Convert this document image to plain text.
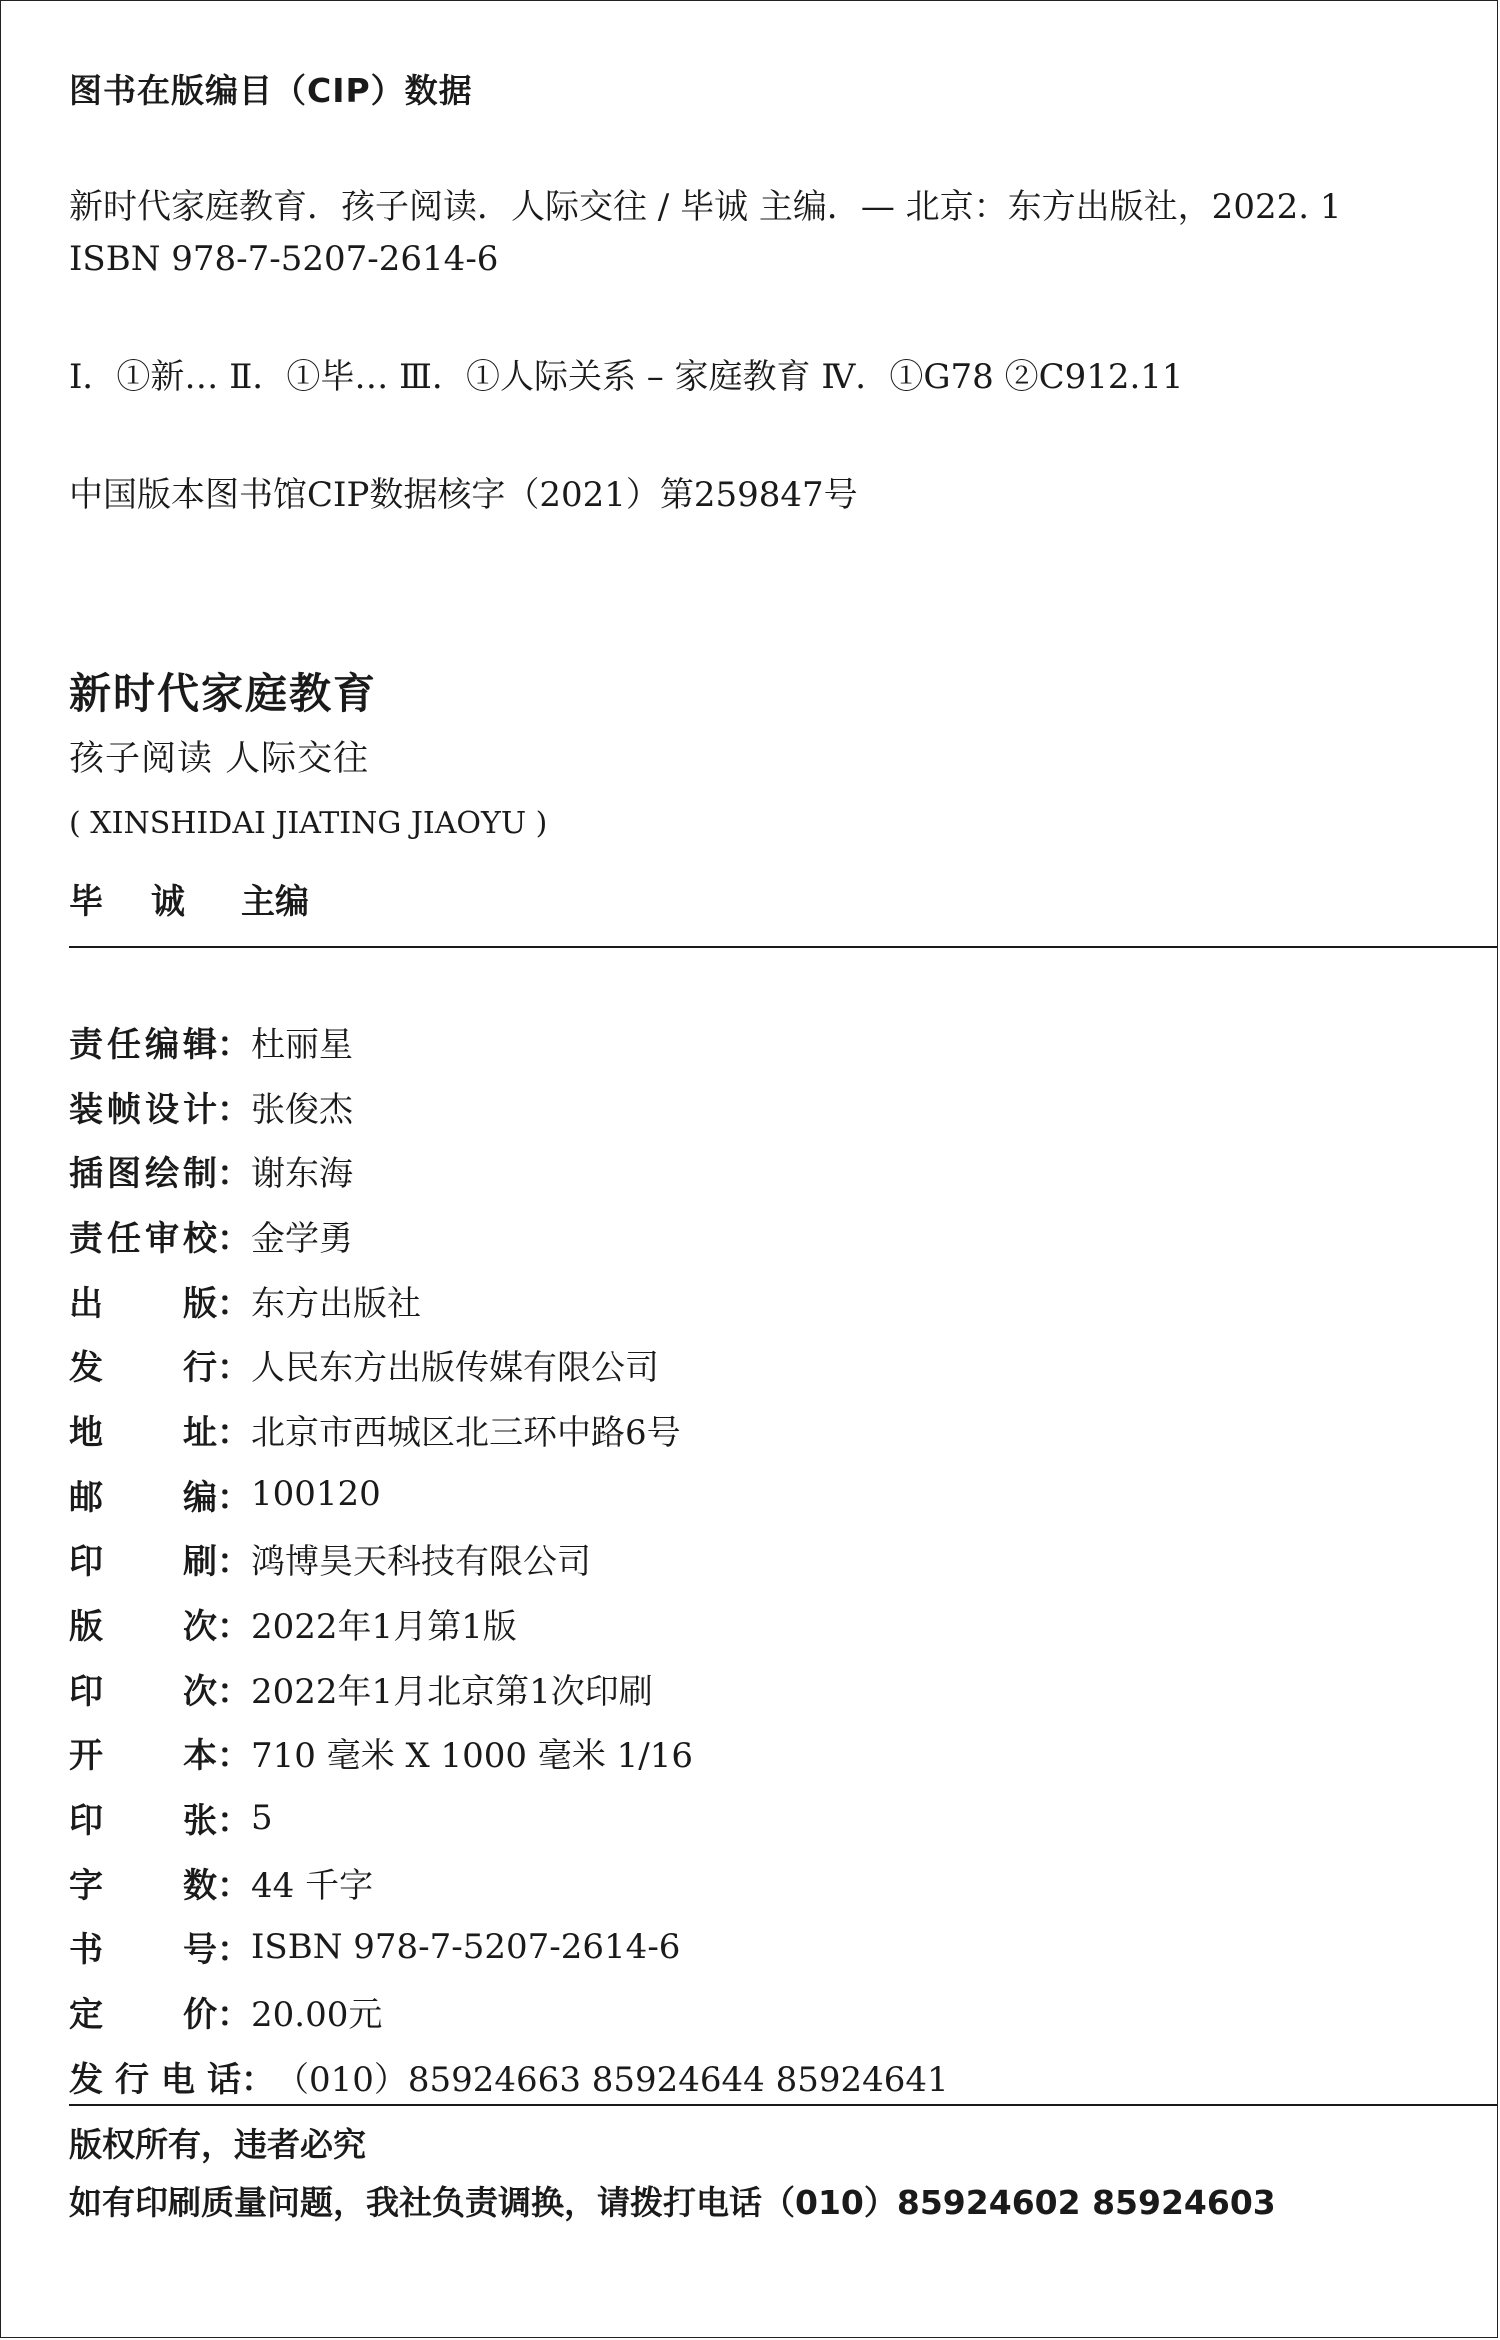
图书在版编目（CIP）数据
新时代家庭教育．孩子阅读．人际交往 / 毕诚 主编．— 北京：东方出版社，2022. 1
ISBN 978-7-5207-2614-6
Ⅰ．①新… Ⅱ．①毕… Ⅲ．①人际关系 – 家庭教育 Ⅳ．①G78 ②C912.11
中国版本图书馆CIP数据核字（2021）第259847号
新时代家庭教育
孩子阅读 人际交往
( XINSHIDAI JIATING JIAOYU )
毕 诚 主编
责 任 编 辑 ： 杜丽星
装 帧 设 计 ： 张俊杰
插 图 绘 制 ： 谢东海
责 任 审 校 ： 金学勇
出 版 ： 东方出版社
发 行 ： 人民东方出版传媒有限公司
地 址 ： 北京市西城区北三环中路6号
邮 编 ： 100120
印 刷 ： 鸿博昊天科技有限公司
版 次 ： 2022年1月第1版
印 次 ： 2022年1月北京第1次印刷
开 本 ： 710 毫米 X 1000 毫米 1/16
印 张 ： 5
字 数 ： 44 千字
书 号 ： ISBN 978-7-5207-2614-6
定 价 ： 20.00元
发 行 电 话 ： （010）85924663 85924644 85924641
版权所有，违者必究
如有印刷质量问题，我社负责调换，请拨打电话（010）85924602 85924603
